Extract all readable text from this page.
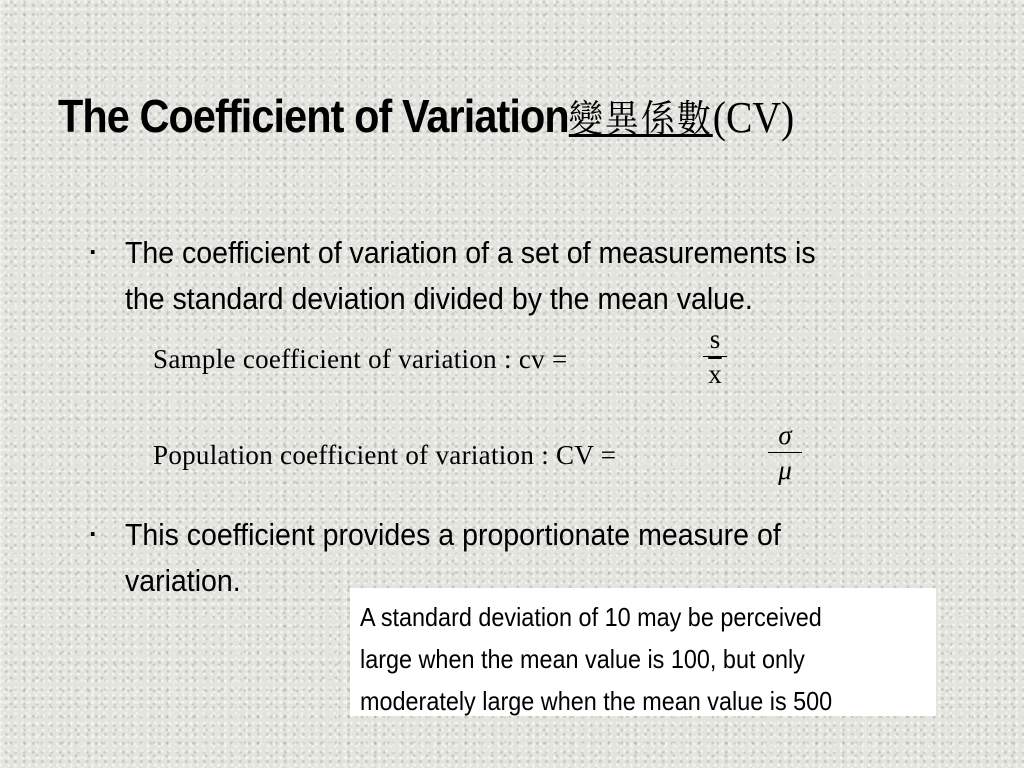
The Coefficient of Variation變異係數(CV)
▪ The coefficient of variation of a set of measurements is the standard deviation divided by the mean value.
Sample coefficient of variation : cv =	$\frac{s}{x}$
Population coefficient of variation : CV =
σ
μ
▪ This coefficient provides a proportionate measure of variation.
A standard deviation of 10 may be perceived
large when the mean value is 100, but only
moderately large when the mean value is 500
